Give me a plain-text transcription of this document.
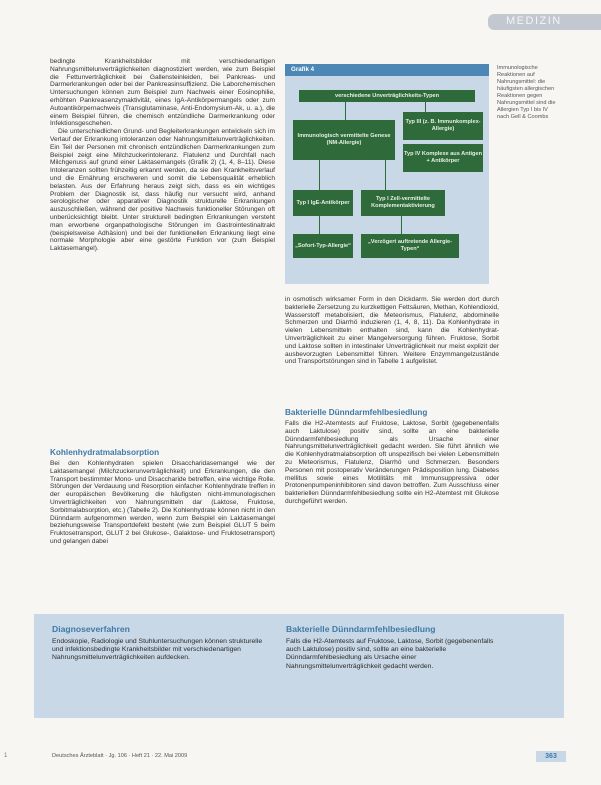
MEDIZIN

bedingte Krankheitsbilder mit verschiedenartigen Nahrungsmittelunverträglichkeiten diagnostiziert werden, wie zum Beispiel die Fettunverträglichkeit bei Gallensteinleiden, bei Pankreas- und Darmerkrankungen oder bei der Pankreasinsuffizienz. Die Laborchemischen Untersuchungen können zum Beispiel zum Nachweis einer Eosinophilie, erhöhten Pankreasenzymaktivität, eines IgA-Antikörpermangels oder zum Autoantikörpernachweis (Transglutaminase, Anti-Endomysium-Ak, u. a.), die einem Beispiel führen, die chemisch entzündliche Darmerkrankung oder Infektionsgeschehen.

Die unterschiedlichen Grund- und Begleiterkrankungen entwickeln sich im Verlauf der Erkrankung intoleranzen oder Nahrungsmittelunverträglichkeiten. Ein Teil der Personen mit chronisch entzündlichen Darmerkrankungen zum Beispiel zeigt eine Milchzuckerintoleranz. Flatulenz und Durchfall nach Milchgenuss auf grund einer Laktasemangels (Grafik 2) (1, 4, 8–11). Diese Intoleranzen sollten frühzeitig erkannt werden, da sie den Krankheitsverlauf und die Ernährung erschweren und somit die Lebensqualität erheblich belasten. Aus der Erfahrung heraus zeigt sich, dass es ein wichtiges Problem der Diagnostik ist, dass häufig nur versucht wird, anhand serologischer oder apparativer Diagnostik strukturelle Erkrankungen auszuschließen, während der positive Nachweis funktioneller Störungen oft unberücksichtigt bleibt. Unter strukturell bedingten Erkrankungen versteht man erworbene organpathologische Störungen im Gastrointestinaltrakt (beispielsweise Adhäsion) und bei der funktionellen Erkrankung liegt eine normale Morphologie aber eine gestörte Funktion vor (zum Beispiel Laktasemangel).

Kohlenhydratmalabsorption

Bei den Kohlenhydraten spielen Disaccharidasemangel wie der Laktasemangel (Milchzuckerunverträglichkeit) und Erkrankungen, die den Transport bestimmter Mono- und Disaccharide betreffen, eine wichtige Rolle. Störungen der Verdauung und Resorption einfacher Kohlenhydrate treffen in der europäischen Bevölkerung die häufigsten nicht-immunologischen Unverträglichkeiten von Nahrungsmitteln dar (Laktose, Fruktose, Sorbitmalabsorption, etc.) (Tabelle 2). Die Kohlenhydrate können nicht in den Dünndarm aufgenommen werden, wenn zum Beispiel ein Laktasemangel beziehungsweise Transportdefekt besteht (wie zum Beispiel GLUT 5 beim Fruktosetransport, GLUT 2 bei Glukose-, Galaktose- und Fruktosetransport) und gelangen dabei

Grafik 4
verschiedene Unverträglichkeits-Typen
Immunologisch vermittelte Genese (NM-Allergie)
Typ III (z. B. Immunkomplex-Allergie)
Typ IV Komplexe aus Antigen + Antikörper
Typ I IgE-Antikörper
Typ I Zell-vermittelte Komplementaktivierung
„Sofort-Typ-Allergie“
„Verzögert auftretende Allergie-Typen“
Immunologische Reaktionen auf Nahrungsmittel: die häufigsten allergischen Reaktionen gegen Nahrungsmittel sind die Allergien Typ I bis IV nach Gell & Coombs

in osmotisch wirksamer Form in den Dickdarm. Sie werden dort durch bakterielle Zersetzung zu kurzkettigen Fettsäuren, Methan, Kohlendioxid, Wasserstoff metabolisiert, die Meteorismus, Flatulenz, abdominelle Schmerzen und Diarrhö induzieren (1, 4, 8, 11). Da Kohlenhydrate in vielen Lebensmitteln enthalten sind, kann die Kohlenhydrat-Unverträglichkeit zu einer Mangelversorgung führen. Fruktose, Sorbit und Laktose sollten in intestinaler Unverträglichkeit nur meist explizit der ausbevorzugten Lebensmittel führen. Weitere Enzymmangelzustände und Transportstörungen sind in Tabelle 1 aufgelistet.

Bakterielle Dünndarmfehlbesiedlung

Falls die H2-Atemtests auf Fruktose, Laktose, Sorbit (gegebenenfalls auch Laktulose) positiv sind, sollte an eine bakterielle Dünndarmfehlbesiedlung als Ursache einer Nahrungsmittelunverträglichkeit gedacht werden. Sie führt ähnlich wie die Kohlenhydratmalabsorption oft unspezifisch bei vielen Lebensmitteln zu Meteorismus, Flatulenz, Diarrhö und Schmerzen. Besonders Personen mit postoperativ Veränderungen Prädisposition lung. Diabetes mellitus sowie eines Motilitäts mit Immunsuppressiva oder Protonenpumpeninhibitoren sind davon betroffen. Zum Ausschluss einer bakteriellen Dünndarmfehlbesiedlung sollte ein H2-Atemtest mit Glukose durchgeführt werden.

Diagnoseverfahren
Endoskopie, Radiologie und Stuhluntersuchungen können strukturelle und infektionsbedingte Krankheitsbilder mit verschiedenartigen Nahrungsmittelunverträglichkeiten aufdecken.
Bakterielle Dünndarmfehlbesiedlung
Falls die H2-Atemtests auf Fruktose, Laktose, Sorbit (gegebenenfalls auch Laktulose) positiv sind, sollte an eine bakterielle Dünndarmfehlbesiedlung als Ursache einer Nahrungsmittelunverträglichkeit gedacht werden.
1	Deutsches Ärzteblatt · Jg. 106 · Heft 21 · 22. Mai 2009	363
